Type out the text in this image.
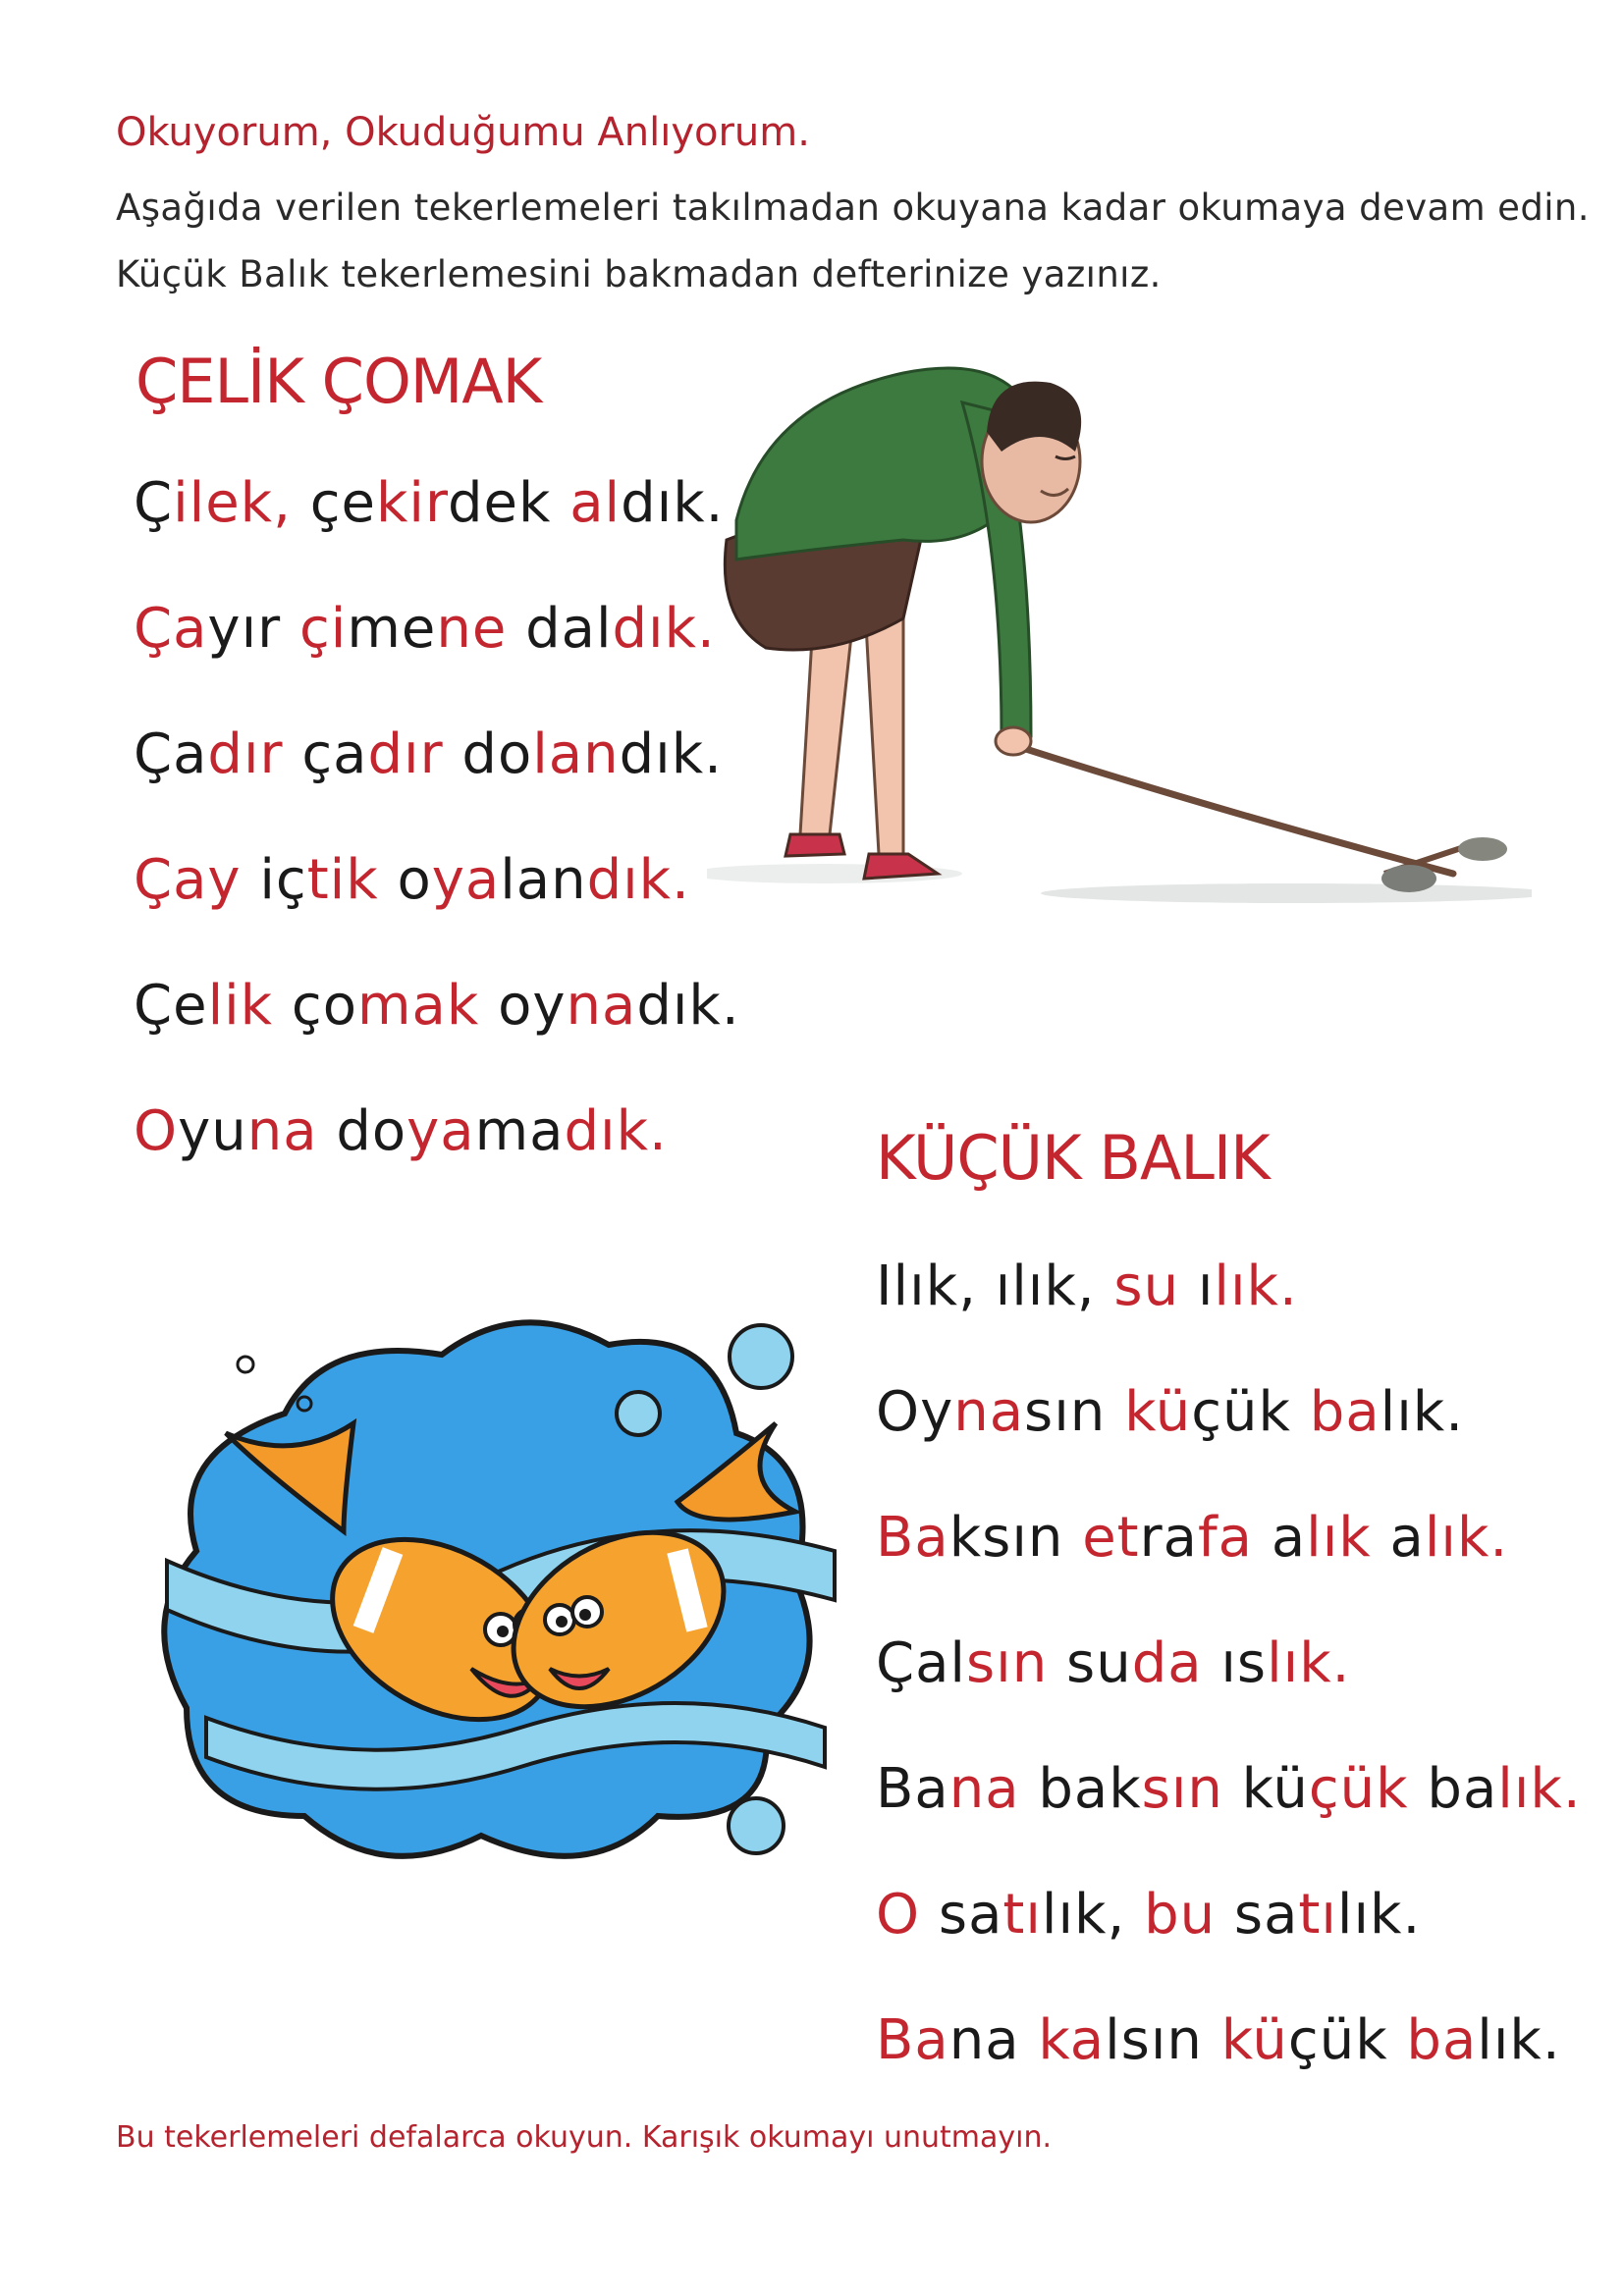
Okuyorum, Okuduğumu Anlıyorum.
Aşağıda verilen tekerlemeleri takılmadan okuyana kadar okumaya devam edin.
Küçük Balık tekerlemesini bakmadan defterinize yazınız.
ÇELİK ÇOMAK
Çilek, çekirdek aldık.
Çayır çimene daldık.
Çadır çadır dolandık.
Çay içtik oyalandık.
Çelik çomak oynadık.
Oyuna doyamadık.	KÜÇÜK BALIK
Ilık, ılık, su ılık.
Oynasın küçük balık.
Baksın etrafa alık alık.
Çalsın suda ıslık.
Bana baksın küçük balık.
O satılık, bu satılık.
Bana kalsın küçük balık.
Bu tekerlemeleri defalarca okuyun. Karışık okumayı unutmayın.
